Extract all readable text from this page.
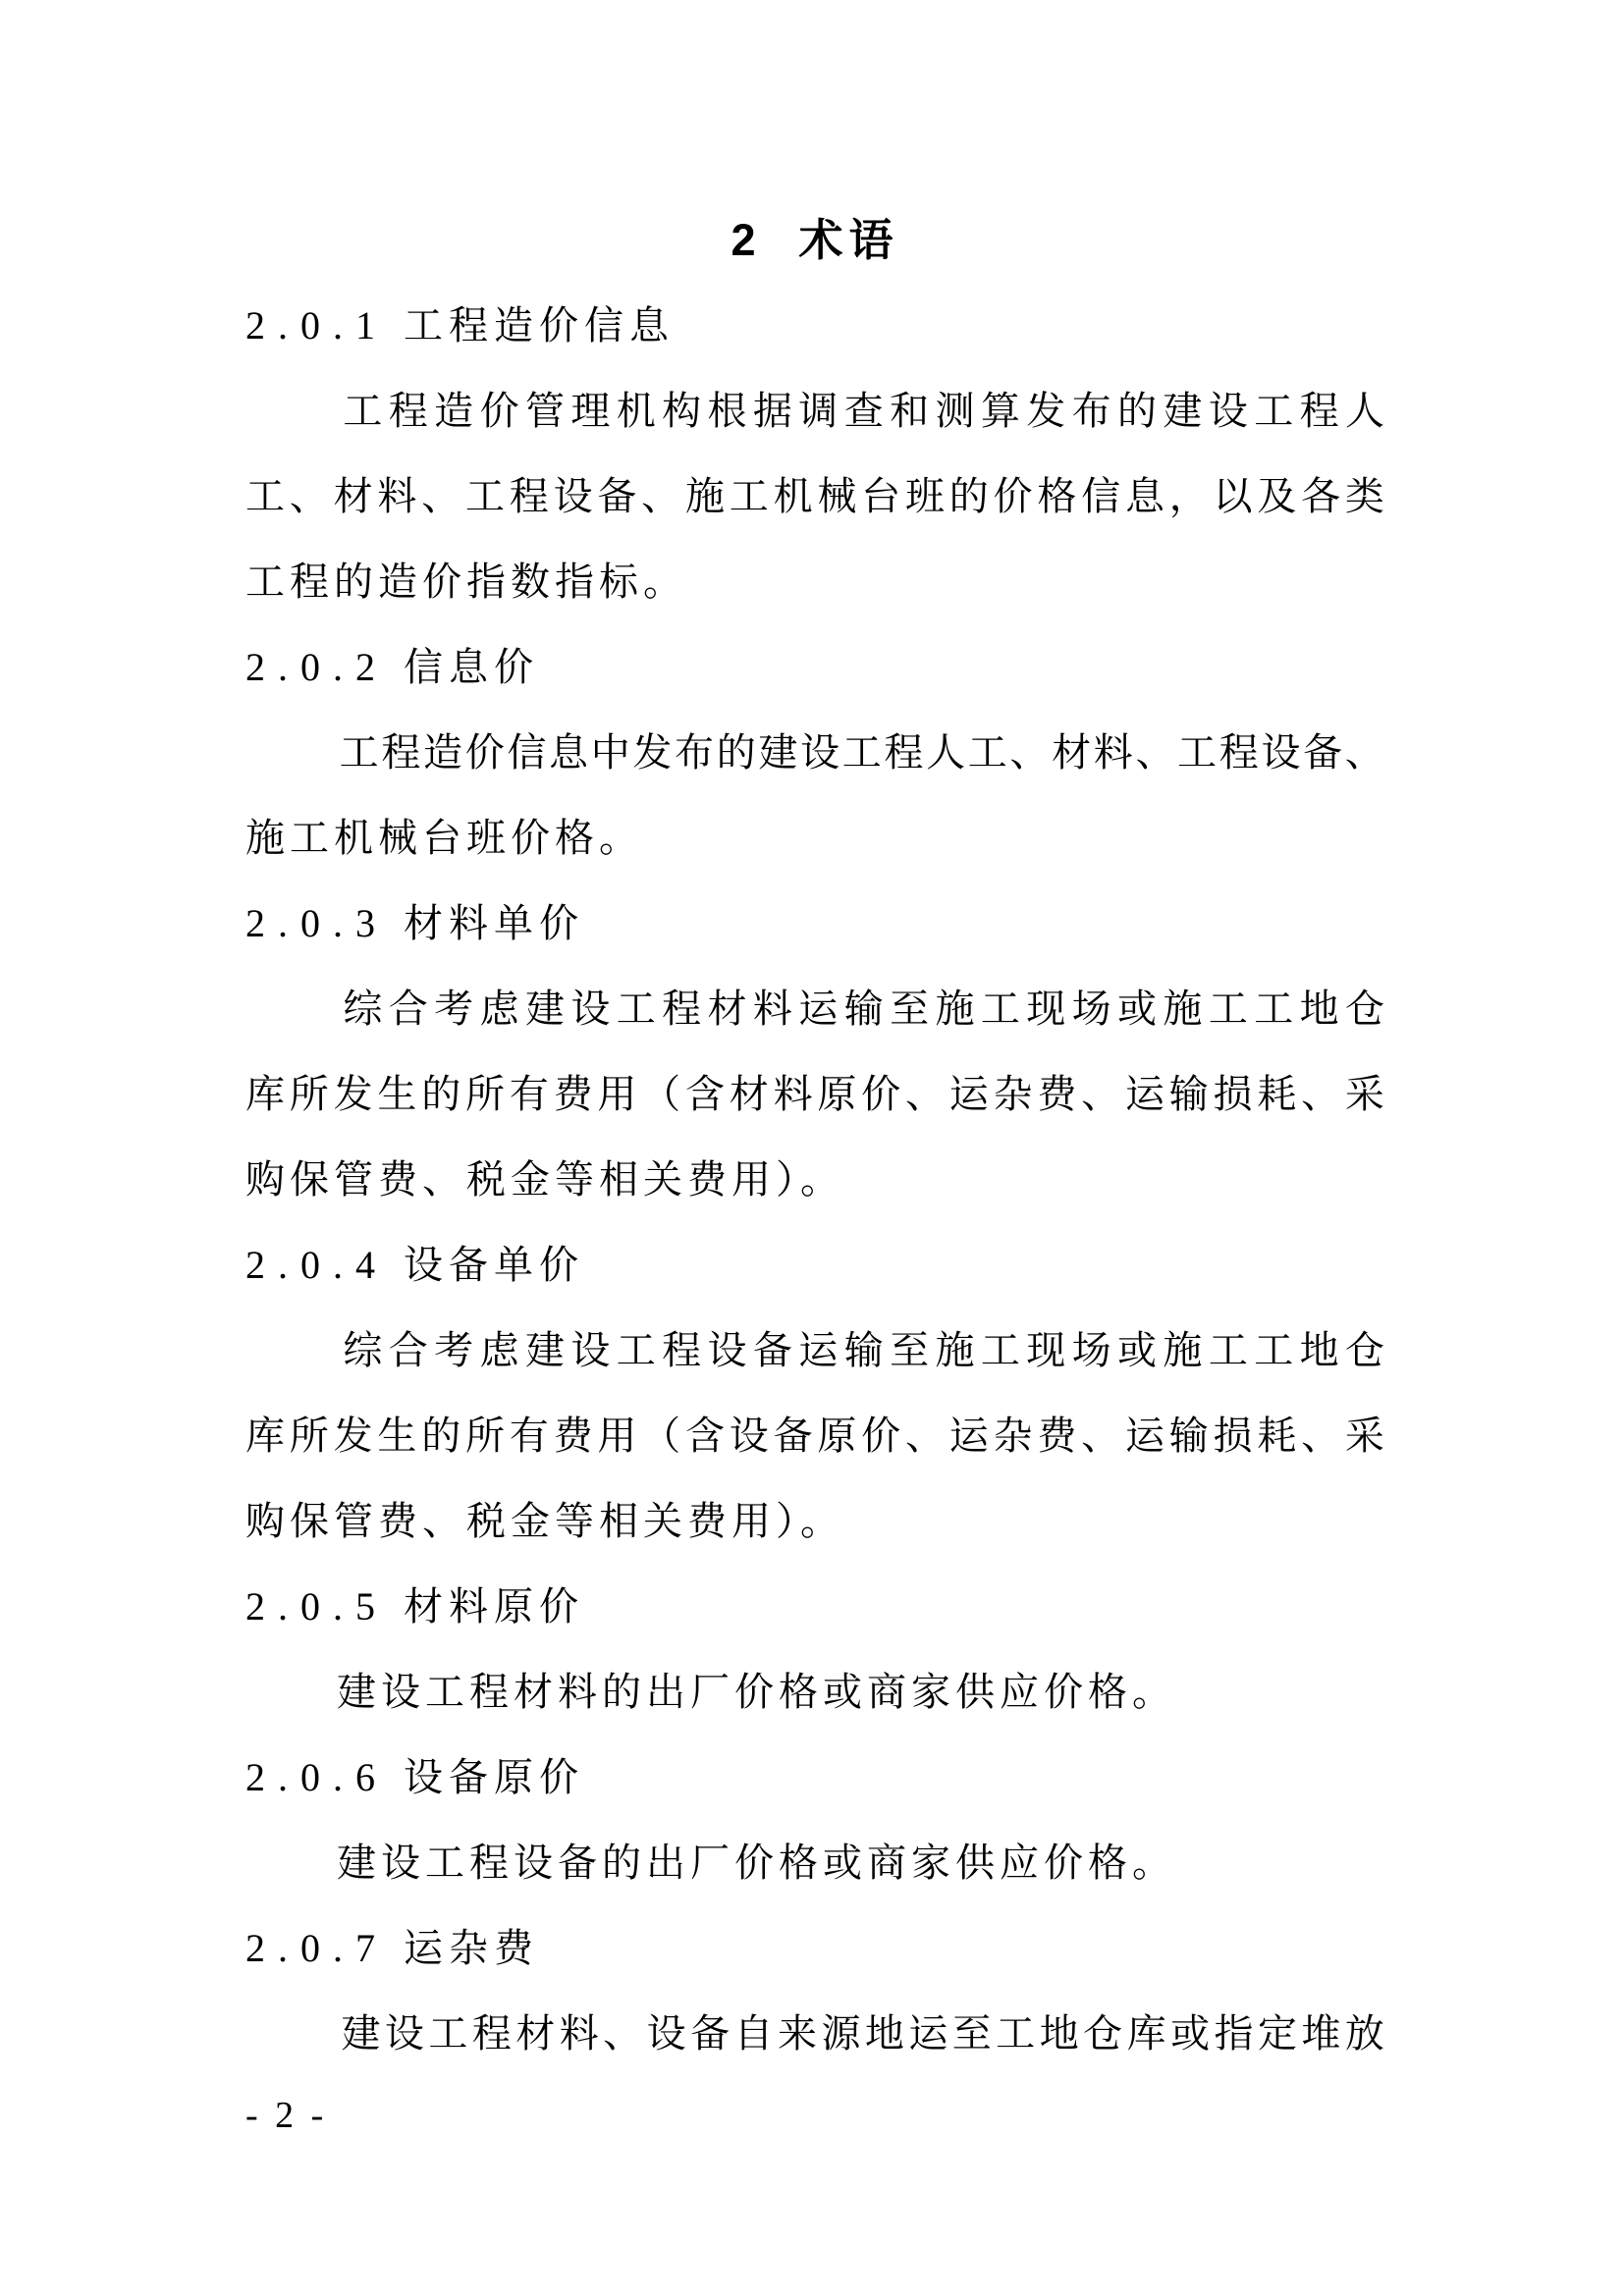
2 术语
2.0.1 工程造价信息
工 程 造 价 管 理 机 构 根 据 调 查 和 测 算 发 布 的 建 设 工 程 人
工 、 材 料 、 工 程 设 备 、 施 工 机 械 台 班 的 价 格 信 息 ， 以 及 各 类
工程的造价指数指标。
2.0.2 信息价
工 程 造 价 信 息 中 发 布 的 建 设 工 程 人 工 、 材 料 、 工 程 设 备 、
施工机械台班价格。
2.0.3 材料单价
综 合 考 虑 建 设 工 程 材 料 运 输 至 施 工 现 场 或 施 工 工 地 仓
库 所 发 生 的 所 有 费 用 （ 含 材 料 原 价 、 运 杂 费 、 运 输 损 耗 、 采
购保管费、税金等相关费用）。
2.0.4 设备单价
综 合 考 虑 建 设 工 程 设 备 运 输 至 施 工 现 场 或 施 工 工 地 仓
库 所 发 生 的 所 有 费 用 （ 含 设 备 原 价 、 运 杂 费 、 运 输 损 耗 、 采
购保管费、税金等相关费用）。
2.0.5 材料原价
建设工程材料的出厂价格或商家供应价格。
2.0.6 设备原价
建设工程设备的出厂价格或商家供应价格。
2.0.7 运杂费
建 设 工 程 材 料 、 设 备 自 来 源 地 运 至 工 地 仓 库 或 指 定 堆 放
- 2 -
